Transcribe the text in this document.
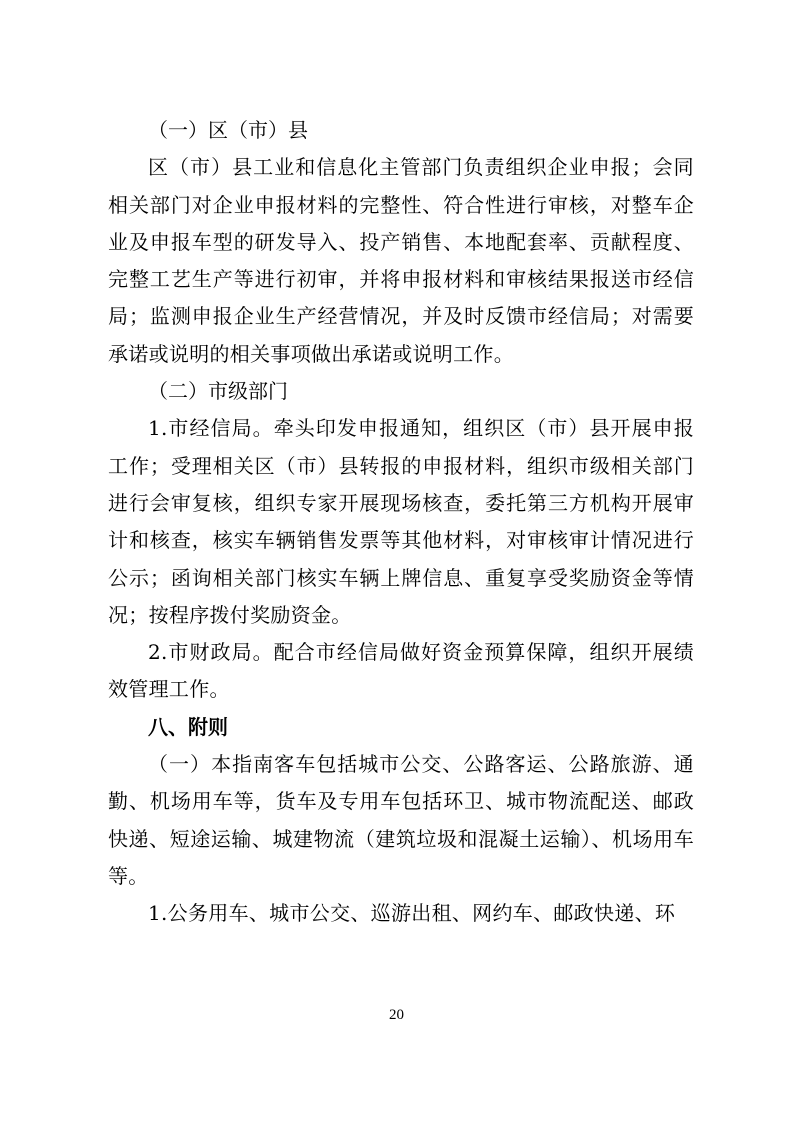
（一）区（市）县

区（市）县工业和信息化主管部门负责组织企业申报；会同相关部门对企业申报材料的完整性、符合性进行审核，对整车企业及申报车型的研发导入、投产销售、本地配套率、贡献程度、完整工艺生产等进行初审，并将申报材料和审核结果报送市经信局；监测申报企业生产经营情况，并及时反馈市经信局；对需要承诺或说明的相关事项做出承诺或说明工作。

（二）市级部门

1.市经信局。牵头印发申报通知，组织区（市）县开展申报工作；受理相关区（市）县转报的申报材料，组织市级相关部门进行会审复核，组织专家开展现场核查，委托第三方机构开展审计和核查，核实车辆销售发票等其他材料，对审核审计情况进行公示；函询相关部门核实车辆上牌信息、重复享受奖励资金等情况；按程序拨付奖励资金。

2.市财政局。配合市经信局做好资金预算保障，组织开展绩效管理工作。

八、附则

（一）本指南客车包括城市公交、公路客运、公路旅游、通勤、机场用车等，货车及专用车包括环卫、城市物流配送、邮政快递、短途运输、城建物流（建筑垃圾和混凝土运输）、机场用车等。

1.公务用车、城市公交、巡游出租、网约车、邮政快递、环

20
